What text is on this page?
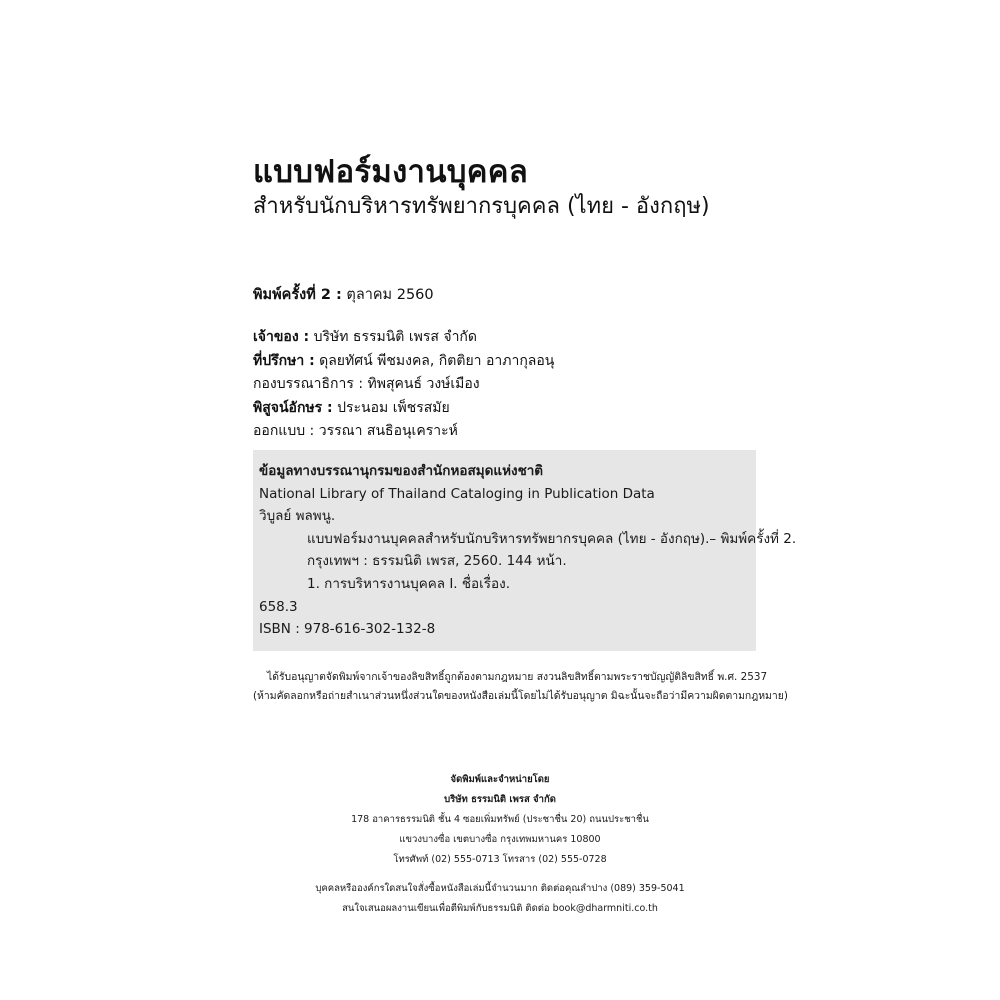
แบบฟอร์มงานบุคคล
สำหรับนักบริหารทรัพยากรบุคคล (ไทย - อังกฤษ)
พิมพ์ครั้งที่ 2 : ตุลาคม 2560
เจ้าของ : บริษัท ธรรมนิติ เพรส จำกัด
ที่ปรึกษา : ดุลยทัศน์ พีชมงคล, กิตติยา อาภากุลอนุ
กองบรรณาธิการ : ทิพสุคนธ์ วงษ์เมือง
พิสูจน์อักษร : ประนอม เพ็ชรสมัย
ออกแบบ : วรรณา สนธิอนุเคราะห์
ข้อมูลทางบรรณานุกรมของสำนักหอสมุดแห่งชาติ
National Library of Thailand Cataloging in Publication Data
วิบูลย์ พลพนู.
แบบฟอร์มงานบุคคลสำหรับนักบริหารทรัพยากรบุคคล (ไทย - อังกฤษ).– พิมพ์ครั้งที่ 2.
กรุงเทพฯ : ธรรมนิติ เพรส, 2560. 144 หน้า.
1. การบริหารงานบุคคล I. ชื่อเรื่อง.
658.3
ISBN : 978-616-302-132-8
ได้รับอนุญาตจัดพิมพ์จากเจ้าของลิขสิทธิ์ถูกต้องตามกฎหมาย สงวนลิขสิทธิ์ตามพระราชบัญญัติลิขสิทธิ์ พ.ศ. 2537
(ห้ามคัดลอกหรือถ่ายสำเนาส่วนหนึ่งส่วนใดของหนังสือเล่มนี้โดยไม่ได้รับอนุญาต มิฉะนั้นจะถือว่ามีความผิดตามกฎหมาย)
จัดพิมพ์และจำหน่ายโดย
บริษัท ธรรมนิติ เพรส จำกัด
178 อาคารธรรมนิติ ชั้น 4 ซอยเพิ่มทรัพย์ (ประชาชื่น 20) ถนนประชาชื่น
แขวงบางซื่อ เขตบางซื่อ กรุงเทพมหานคร 10800
โทรศัพท์ (02) 555-0713 โทรสาร (02) 555-0728
บุคคลหรือองค์กรใดสนใจสั่งซื้อหนังสือเล่มนี้จำนวนมาก ติดต่อคุณลำปาง (089) 359-5041
สนใจเสนอผลงานเขียนเพื่อตีพิมพ์กับธรรมนิติ ติดต่อ book@dharmniti.co.th
